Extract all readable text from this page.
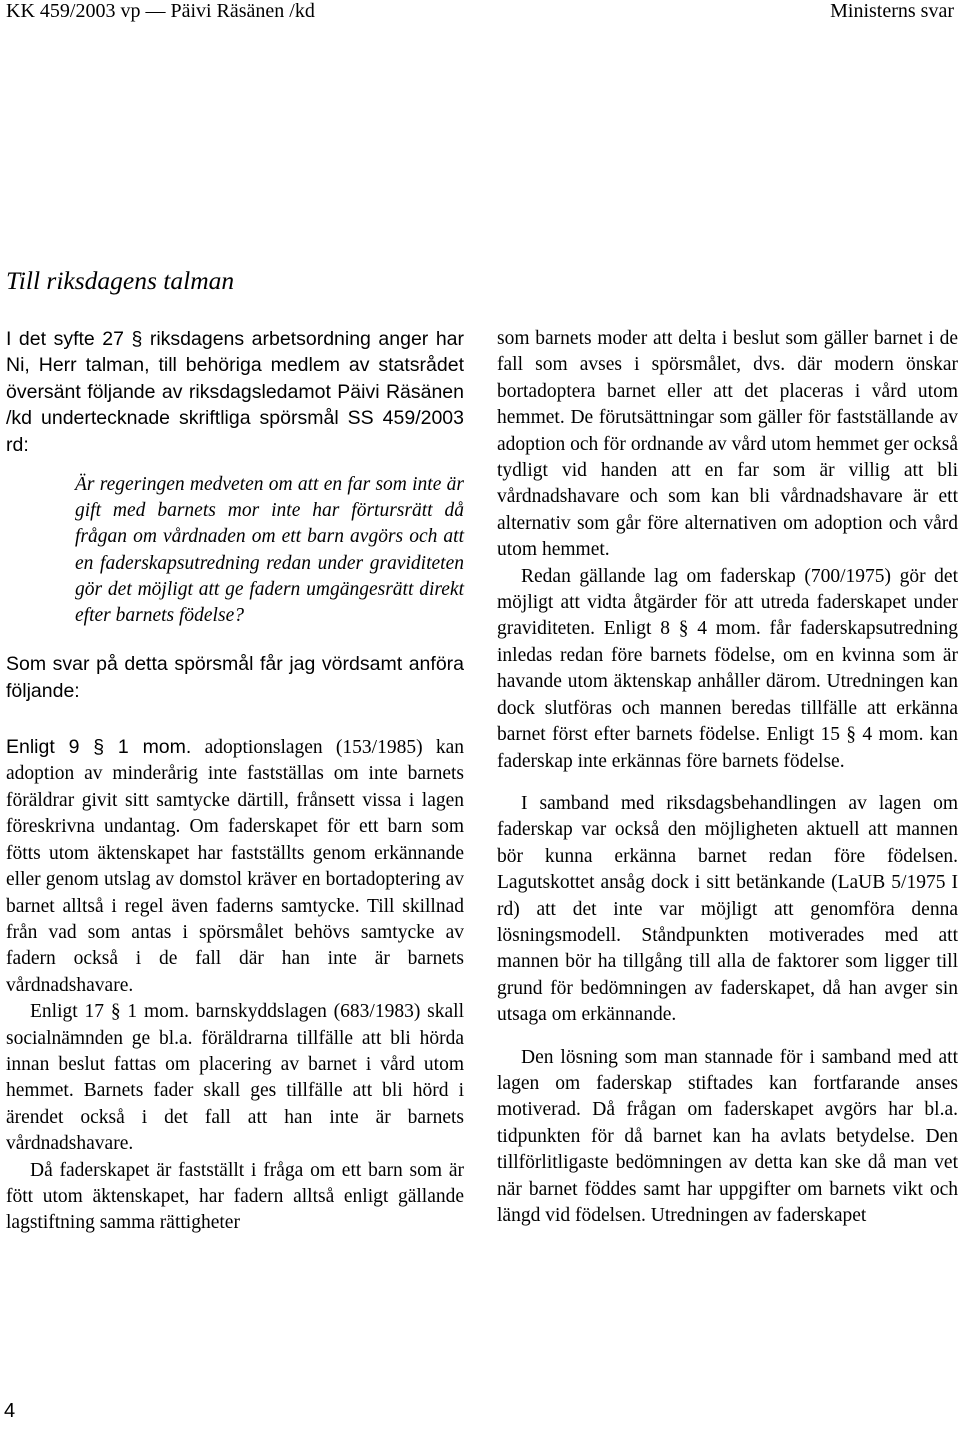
KK 459/2003 vp — Päivi Räsänen /kd	Ministerns svar
Till riksdagens talman

I det syfte 27 § riksdagens arbetsordning anger har Ni, Herr talman, till behöriga medlem av statsrådet översänt följande av riksdagsledamot Päivi Räsänen /kd undertecknade skriftliga spörsmål SS 459/2003 rd:

Är regeringen medveten om att en far som inte är gift med barnets mor inte har förtursrätt då frågan om vårdnaden om ett barn avgörs och att en faderskapsutredning redan under graviditeten gör det möjligt att ge fadern umgängesrätt direkt efter barnets födelse?

Som svar på detta spörsmål får jag vördsamt anföra följande:

Enligt 9 § 1 mom. adoptionslagen (153/1985) kan adoption av minderårig inte fastställas om inte barnets föräldrar givit sitt samtycke därtill, frånsett vissa i lagen föreskrivna undantag. Om faderskapet för ett barn som fötts utom äktenskapet har fastställts genom erkännande eller genom utslag av domstol kräver en bortadoptering av barnet alltså i regel även faderns samtycke. Till skillnad från vad som antas i spörsmålet behövs samtycke av fadern också i de fall där han inte är barnets vårdnadshavare.

Enligt 17 § 1 mom. barnskyddslagen (683/1983) skall socialnämnden ge bl.a. föräldrarna tillfälle att bli hörda innan beslut fattas om placering av barnet i vård utom hemmet. Barnets fader skall ges tillfälle att bli hörd i ärendet också i det fall att han inte är barnets vårdnadshavare.

Då faderskapet är fastställt i fråga om ett barn som är fött utom äktenskapet, har fadern alltså enligt gällande lagstiftning samma rättigheter

som barnets moder att delta i beslut som gäller barnet i de fall som avses i spörsmålet, dvs. där modern önskar bortadoptera barnet eller att det placeras i vård utom hemmet. De förutsättningar som gäller för fastställande av adoption och för ordnande av vård utom hemmet ger också tydligt vid handen att en far som är villig att bli vårdnadshavare och som kan bli vårdnadshavare är ett alternativ som går före alternativen om adoption och vård utom hemmet.

Redan gällande lag om faderskap (700/1975) gör det möjligt att vidta åtgärder för att utreda faderskapet under graviditeten. Enligt 8 § 4 mom. får faderskapsutredning inledas redan före barnets födelse, om en kvinna som är havande utom äktenskap anhåller därom. Utredningen kan dock slutföras och mannen beredas tillfälle att erkänna barnet först efter barnets födelse. Enligt 15 § 4 mom. kan faderskap inte erkännas före barnets födelse.

I samband med riksdagsbehandlingen av lagen om faderskap var också den möjligheten aktuell att mannen bör kunna erkänna barnet redan före födelsen. Lagutskottet ansåg dock i sitt betänkande (LaUB 5/1975 I rd) att det inte var möjligt att genomföra denna lösningsmodell. Ståndpunkten motiverades med att mannen bör ha tillgång till alla de faktorer som ligger till grund för bedömningen av faderskapet, då han avger sin utsaga om erkännande.

Den lösning som man stannade för i samband med att lagen om faderskap stiftades kan fortfarande anses motiverad. Då frågan om faderskapet avgörs har bl.a. tidpunkten för då barnet kan ha avlats betydelse. Den tillförlitligaste bedömningen av detta kan ske då man vet när barnet föddes samt har uppgifter om barnets vikt och längd vid födelsen. Utredningen av faderskapet

4
